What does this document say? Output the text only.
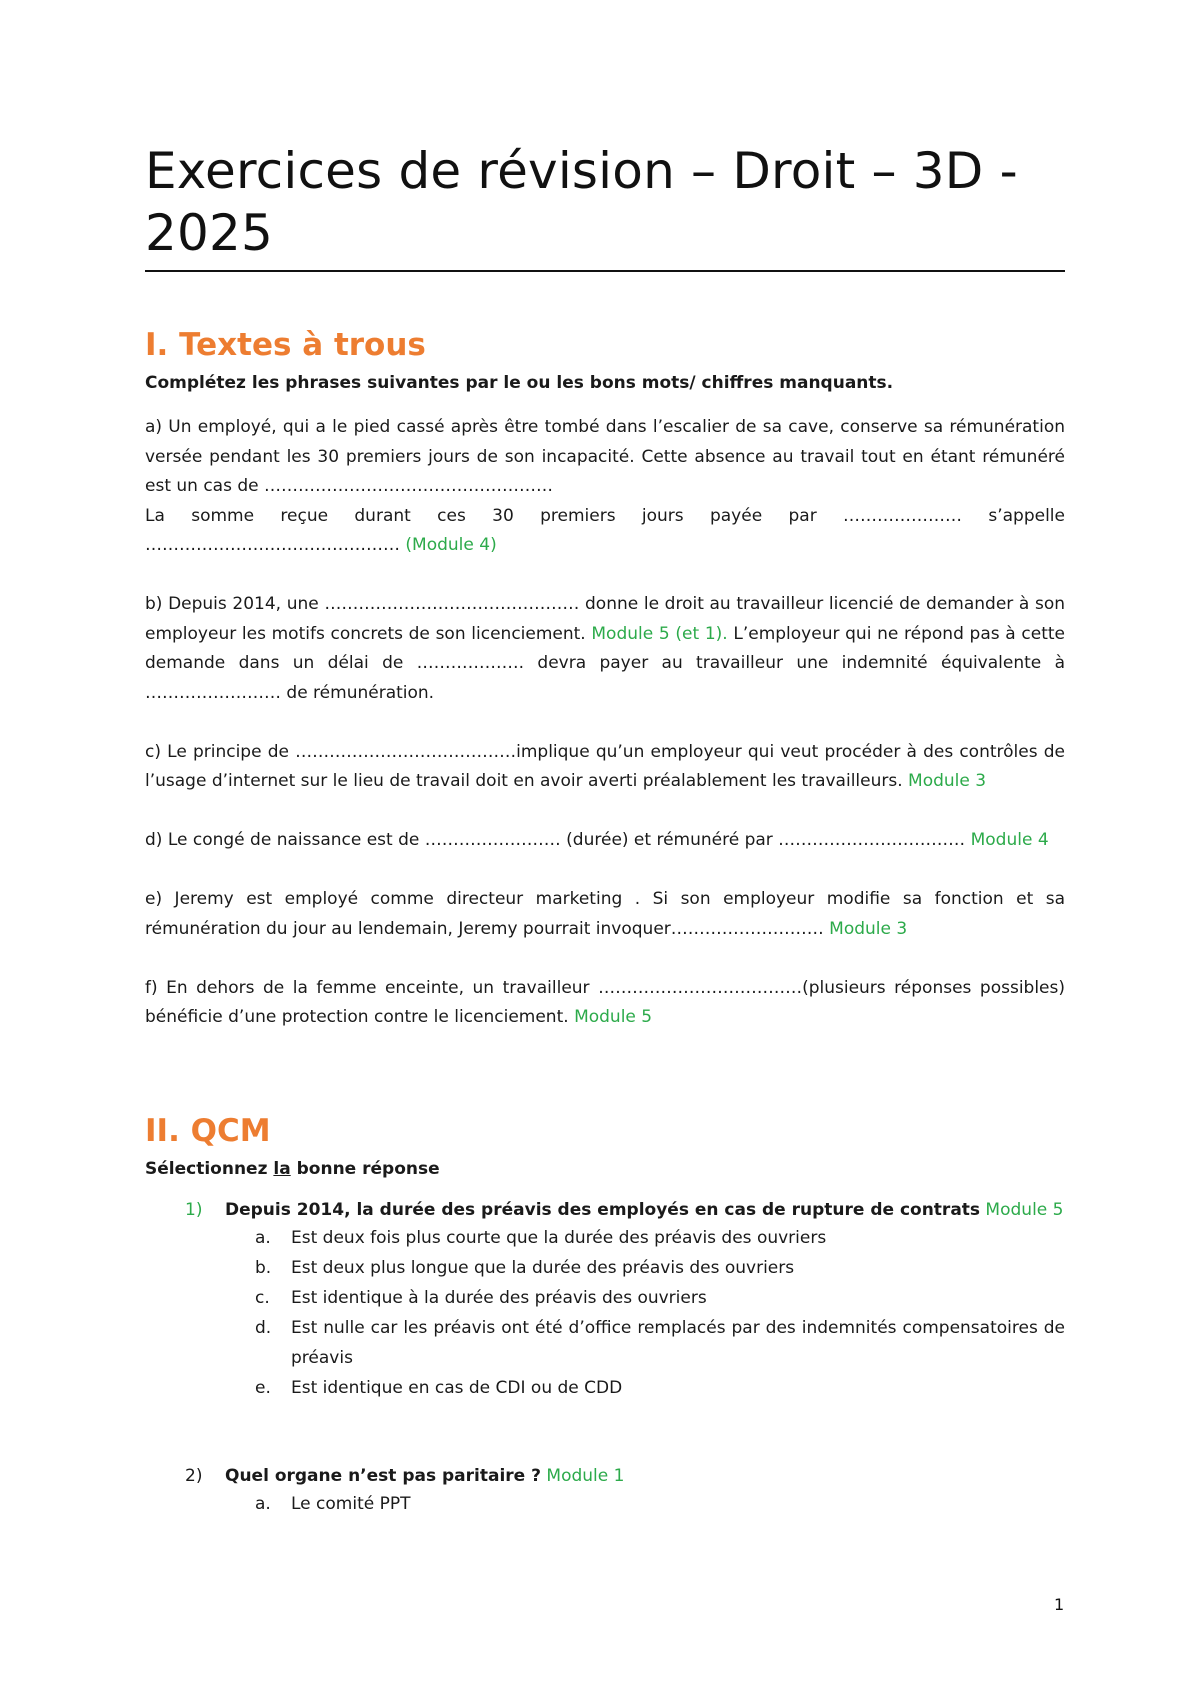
Exercices de révision – Droit – 3D - 2025
I. Textes à trous

Complétez les phrases suivantes par le ou les bons mots/ chiffres manquants.

a) Un employé, qui a le pied cassé après être tombé dans l’escalier de sa cave, conserve sa rémunération versée pendant les 30 premiers jours de son incapacité. Cette absence au travail tout en étant rémunéré est un cas de ……………………………………………

La somme reçue durant ces 30 premiers jours payée par ………………… s’appelle ……………………………………… (Module 4)

b) Depuis 2014, une ……………………………………… donne le droit au travailleur licencié de demander à son employeur les motifs concrets de son licenciement. Module 5 (et 1). L’employeur qui ne répond pas à cette demande dans un délai de ………………. devra payer au travailleur une indemnité équivalente à …………………… de rémunération.

c) Le principe de …………………………………implique qu’un employeur qui veut procéder à des contrôles de l’usage d’internet sur le lieu de travail doit en avoir averti préalablement les travailleurs. Module 3

d) Le congé de naissance est de …………………… (durée) et rémunéré par …………………………… Module 4

e) Jeremy est employé comme directeur marketing . Si son employeur modifie sa fonction et sa rémunération du jour au lendemain, Jeremy pourrait invoquer……………………… Module 3

f) En dehors de la femme enceinte, un travailleur ………………………………(plusieurs réponses possibles) bénéficie d’une protection contre le licenciement. Module 5

II. QCM

Sélectionnez la bonne réponse

1)	Depuis 2014, la durée des préavis des employés en cas de rupture de contrats Module 5
a.	Est deux fois plus courte que la durée des préavis des ouvriers
b.	Est deux plus longue que la durée des préavis des ouvriers
c.	Est identique à la durée des préavis des ouvriers
d.	Est nulle car les préavis ont été d’office remplacés par des indemnités compensatoires de préavis
e.	Est identique en cas de CDI ou de CDD
2)	Quel organe n’est pas paritaire ? Module 1
a.	Le comité PPT
1
